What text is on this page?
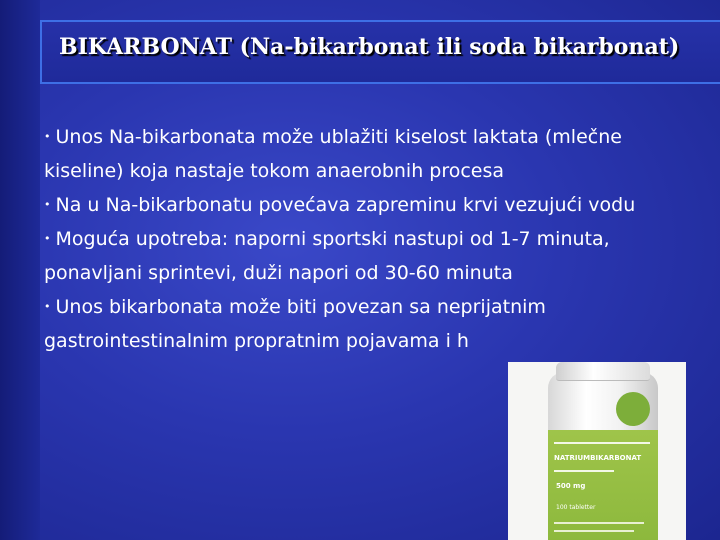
BIKARBONAT (Na-bikarbonat ili soda bikarbonat)
• Unos Na-bikarbonata može ublažiti kiselost laktata (mlečne kiseline) koja nastaje tokom anaerobnih procesa
• Na u Na-bikarbonatu povećava zapreminu krvi vezujući vodu
• Moguća upotreba: naporni sportski nastupi od 1-7 minuta, ponavljani sprintevi, duži napori od 30-60 minuta
• Unos bikarbonata može biti povezan sa neprijatnim gastrointestinalnim propratnim pojavama i h
NATRIUMBIKARBONAT
500 mg
100 tabletter
